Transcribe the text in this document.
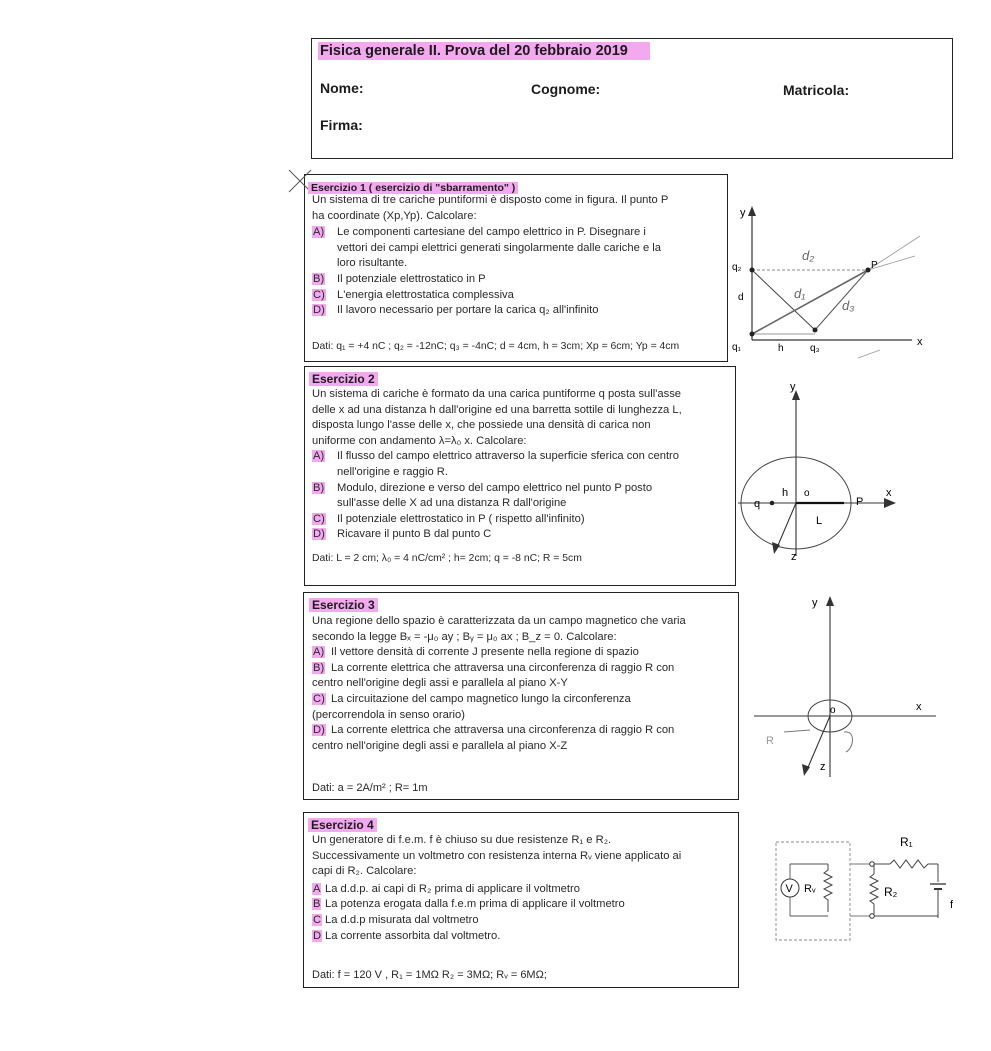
Fisica generale II. Prova del 20 febbraio 2019
Nome:	Cognome:	Matricola:
Firma:
Esercizio 1 ( esercizio di "sbarramento" )

Un sistema di tre cariche puntiformi è disposto come in figura. Il punto P

ha coordinate (Xp,Yp). Calcolare:

A)	Le componenti cartesiane del campo elettrico in P. Disegnare i

vettori dei campi elettrici generati singolarmente dalle cariche e la

loro risultante.

B)	Il potenziale elettrostatico in P

C)	L'energia elettrostatica complessiva

D)	Il lavoro necessario per portare la carica q₂ all'infinito

Dati: q₁ = +4 nC ; q₂ = -12nC; q₃ = -4nC; d = 4cm, h = 3cm; Xp = 6cm; Yp = 4cm
y
x
q₂
q₁	q₃
d
h
P
d₂
d₁
d₃
Esercizio 2

Un sistema di cariche è formato da una carica puntiforme q posta sull'asse

delle x ad una distanza h dall'origine ed una barretta sottile di lunghezza L,

disposta lungo l'asse delle x, che possiede una densità di carica non

uniforme con andamento λ=λ₀ x. Calcolare:

A)	Il flusso del campo elettrico attraverso la superficie sferica con centro

nell'origine e raggio R.

B)	Modulo, direzione e verso del campo elettrico nel punto P posto

sull'asse delle X ad una distanza R dall'origine

C)	Il potenziale elettrostatico in P ( rispetto all'infinito)

D)	Ricavare il punto B dal punto C

Dati: L = 2 cm; λ₀ = 4 nC/cm² ; h= 2cm; q = -8 nC; R = 5cm
y
x
z
q
h o
P
L
Esercizio 3

Una regione dello spazio è caratterizzata da un campo magnetico che varia

secondo la legge Bₓ = -μ₀ ay ; Bᵧ = μ₀ ax ; B_z = 0. Calcolare:

A) Il vettore densità di corrente J presente nella regione di spazio

B) La corrente elettrica che attraversa una circonferenza di raggio R con

centro nell'origine degli assi e parallela al piano X-Y

C) La circuitazione del campo magnetico lungo la circonferenza

(percorrendola in senso orario)

D) La corrente elettrica che attraversa una circonferenza di raggio R con

centro nell'origine degli assi e parallela al piano X-Z

Dati: a = 2A/m² ; R= 1m
y
x
z
o
R
Esercizio 4

Un generatore di f.e.m. f è chiuso su due resistenze R₁ e R₂.

Successivamente un voltmetro con resistenza interna Rᵥ viene applicato ai

capi di R₂. Calcolare:

A La d.d.p. ai capi di R₂ prima di applicare il voltmetro

B La potenza erogata dalla f.e.m prima di applicare il voltmetro

C La d.d.p misurata dal voltmetro

D La corrente assorbita dal voltmetro.

Dati: f = 120 V , R₁ = 1MΩ R₂ = 3MΩ; Rᵥ = 6MΩ;
R₁
R₂
Rᵥ
V
f
